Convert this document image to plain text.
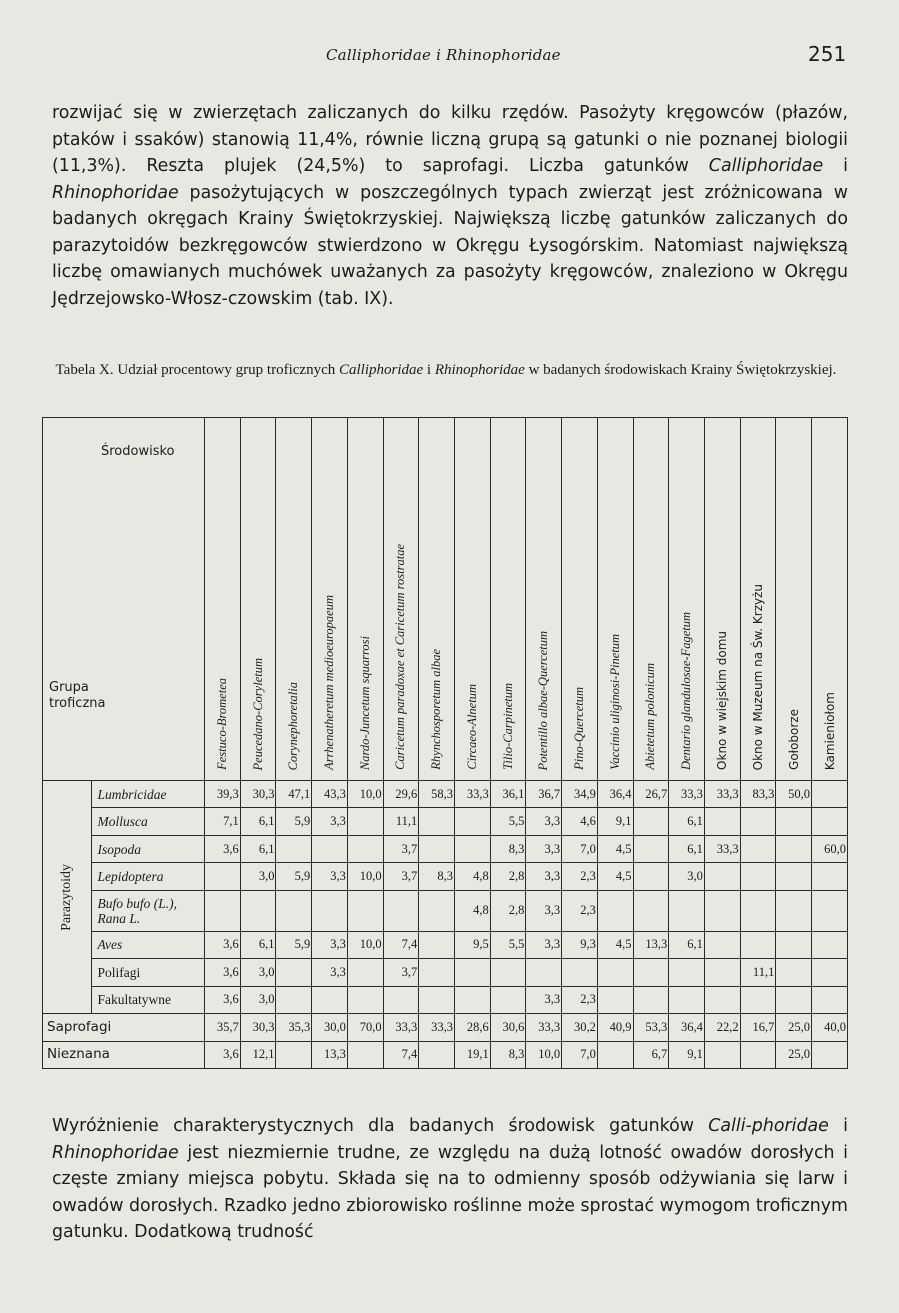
Calliphoridae i Rhinophoridae	251

rozwijać się w zwierzętach zaliczanych do kilku rzędów. Pasożyty kręgowców (płazów, ptaków i ssaków) stanowią 11,4%, równie liczną grupą są gatunki o nie poznanej biologii (11,3%). Reszta plujek (24,5%) to saprofagi. Liczba gatunków Calliphoridae i Rhinophoridae pasożytujących w poszczególnych typach zwierząt jest zróżnicowana w badanych okręgach Krainy Świętokrzyskiej. Największą liczbę gatunków zaliczanych do parazytoidów bezkręgowców stwierdzono w Okręgu Łysogórskim. Natomiast największą liczbę omawianych muchówek uważanych za pasożyty kręgowców, znaleziono w Okręgu Jędrzejowsko-Włosz-czowskim (tab. IX).

Tabela X. Udział procentowy grup troficznych Calliphoridae i Rhinophoridae w badanych środowiskach Krainy Świętokrzyskiej.

Środowisko
Grupa
troficzna		Festuco-Brometea	Peucedano-Coryletum	Corynephoretalia	Arrhenatheretum medioeuropaeum	Nardo-Juncetum squarrosi	Caricetum paradoxae et Caricetum rostratae	Rhynchosporetum albae	Circaeo-Alnetum	Tilio-Carpinetum	Potentillo albae-Quercetum	Pino-Quercetum	Vaccinio uliginosi-Pinetum	Abietetum polonicum	Dentario glandulosae-Fagetum	Okno w wiejskim domu	Okno w Muzeum na Św. Krzyżu	Gołoborze	Kamieniołom

Parazytoidy	Lumbricidae	39,3	30,3	47,1	43,3	10,0	29,6	58,3	33,3	36,1	36,7	34,9	36,4	26,7	33,3	33,3	83,3	50,0	
	Mollusca	7,1	6,1	5,9	3,3		11,1			5,5	3,3	4,6	9,1		6,1				
	Isopoda	3,6	6,1				3,7			8,3	3,3	7,0	4,5		6,1	33,3			60,0
	Lepidoptera		3,0	5,9	3,3	10,0	3,7	8,3	4,8	2,8	3,3	2,3	4,5		3,0				
	Bufo bufo (L.), Rana L.								4,8	2,8	3,3	2,3							
	Aves	3,6	6,1	5,9	3,3	10,0	7,4		9,5	5,5	3,3	9,3	4,5	13,3	6,1				
	Polifagi	3,6	3,0		3,3		3,7										11,1		
	Fakultatywne	3,6	3,0								3,3	2,3							
Saprofagi		35,7	30,3	35,3	30,0	70,0	33,3	33,3	28,6	30,6	33,3	30,2	40,9	53,3	36,4	22,2	16,7	25,0	40,0
Nieznana		3,6	12,1		13,3		7,4		19,1	8,3	10,0	7,0		6,7	9,1			25,0	

Wyróżnienie charakterystycznych dla badanych środowisk gatunków Calli-phoridae i Rhinophoridae jest niezmiernie trudne, ze względu na dużą lotność owadów dorosłych i częste zmiany miejsca pobytu. Składa się na to odmienny sposób odżywiania się larw i owadów dorosłych. Rzadko jedno zbiorowisko roślinne może sprostać wymogom troficznym gatunku. Dodatkową trudność
